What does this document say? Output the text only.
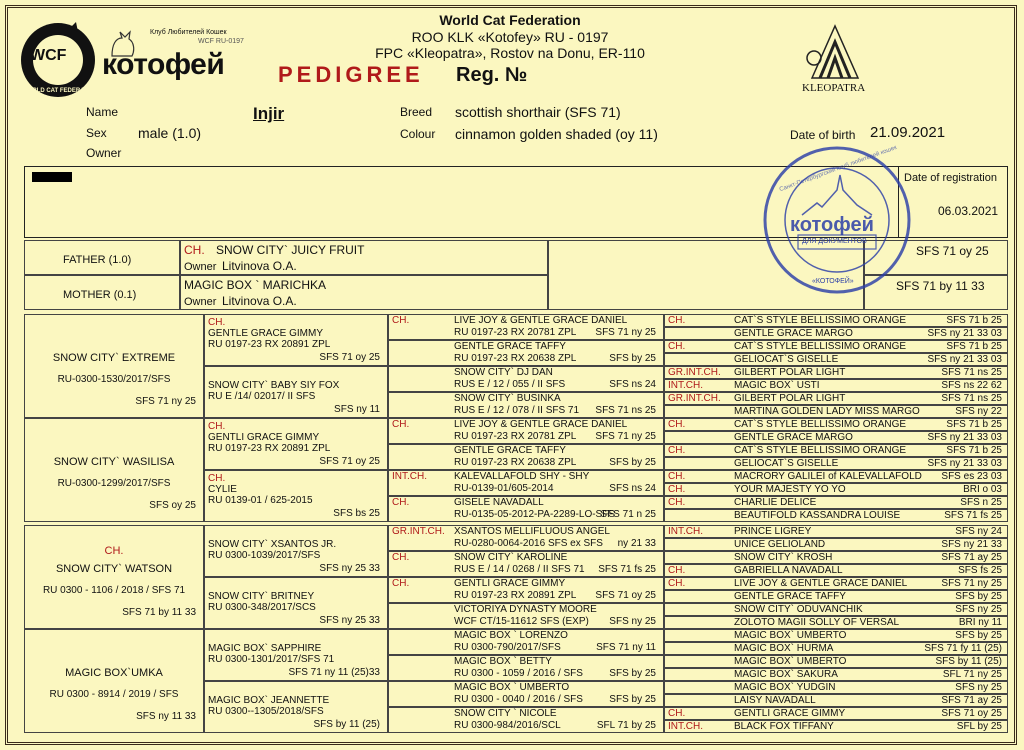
WCF
WORLD CAT FEDERATION
Клуб Любителей Кошек
WCF RU-0197
котофей
World Cat Federation
ROO KLK «Kotofey» RU - 0197
FPC «Kleopatra», Rostov na Donu, ER-110
PEDIGREE Reg. №
KLEOPATRA
Name	Injir
Sex male (1.0)
Owner
Breed scottish shorthair (SFS 71)
Colour cinnamon golden shaded (oy 11)	Date of birth 21.09.2021
Date of registration
06.03.2021
FATHER (1.0)
MOTHER (0.1)
CH. SNOW CITY` JUICY FRUIT
Owner Litvinova O.A.
MAGIC BOX ` MARICHKA
Owner Litvinova O.A.
SFS 71 oy 25
SFS 71 by 11 33
SNOW CITY` EXTREME
RU-0300-1530/2017/SFS
SFS 71 ny 25
SNOW CITY` WASILISA
RU-0300-1299/2017/SFS
SFS oy 25
CH.
SNOW CITY` WATSON
RU 0300 - 1106 / 2018 / SFS 71
SFS 71 by 11 33
MAGIC BOX`UMKA
RU 0300 - 8914 / 2019 / SFS
SFS ny 11 33
CH.
GENTLE GRACE GIMMY
RU 0197-23 RX 20891 ZPL
SFS 71 oy 25
SNOW CITY` BABY SIY FOX
RU E /14/ 02017/ II SFS
SFS ny 11
CH.
GENTLI GRACE GIMMY
RU 0197-23 RX 20891 ZPL
SFS 71 oy 25
CH.
CYLIE
RU 0139-01 / 625-2015
SFS bs 25
SNOW CITY` XSANTOS JR.
RU 0300-1039/2017/SFS
SFS ny 25 33
SNOW CITY` BRITNEY
RU 0300-348/2017/SCS
SFS ny 25 33
MAGIC BOX` SAPPHIRE
RU 0300-1301/2017/SFS 71
SFS 71 ny 11 (25)33
MAGIC BOX` JEANNETTE
RU 0300--1305/2018/SFS
SFS by 11 (25)
CH.	LIVE JOY & GENTLE GRACE DANIEL
RU 0197-23 RX 20781 ZPL	SFS 71 ny 25
GENTLE GRACE TAFFY
RU 0197-23 RX 20638 ZPL	SFS by 25
SNOW CITY` DJ DAN
RUS E / 12 / 055 / II SFS	SFS ns 24
SNOW CITY` BUSINKA
RUS E / 12 / 078 / II SFS 71	SFS 71 ns 25
CH.	LIVE JOY & GENTLE GRACE DANIEL
RU 0197-23 RX 20781 ZPL	SFS 71 ny 25
GENTLE GRACE TAFFY
RU 0197-23 RX 20638 ZPL	SFS by 25
INT.CH.	KALEVALLAFOLD SHY - SHY
RU-0139-01/605-2014	SFS ns 24
CH.	GISELE NAVADALL
RU-0135-05-2012-PA-2289-LO-SFS
SFS 71 n 25
GR.INT.CH. XSANTOS MELLIFLUOUS ANGEL
RU-0280-0064-2016 SFS ex SFS	ny 21 33
CH.	SNOW CITY` KAROLINE
RUS E / 14 / 0268 / II SFS 71	SFS 71 fs 25
CH.	GENTLI GRACE GIMMY
RU 0197-23 RX 20891 ZPL	SFS 71 oy 25
VICTORIYA DYNASTY MOORE
WCF CT/15-11612 SFS (EXP)	SFS ny 25
MAGIC BOX ` LORENZO
RU 0300-790/2017/SFS	SFS 71 ny 11
MAGIC BOX ` BETTY
RU 0300 - 1059 / 2016 / SFS	SFS by 25
MAGIC BOX ` UMBERTO
RU 0300 - 0040 / 2016 / SFS	SFS by 25
SNOW CITY ` NICOLE
RU 0300-984/2016/SCL	SFL 71 by 25
CH.	CAT`S STYLE BELLISSIMO ORANGE	SFS 71 b 25
GENTLE GRACE MARGO	SFS ny 21 33 03
CH.	CAT`S STYLE BELLISSIMO ORANGE	SFS 71 b 25
GELIOCAT`S GISELLE	SFS ny 21 33 03
GR.INT.CH. GILBERT POLAR LIGHT	SFS 71 ns 25
INT.CH.	MAGIC BOX` USTI	SFS ns 22 62
GR.INT.CH. GILBERT POLAR LIGHT	SFS 71 ns 25
MARTINA GOLDEN LADY MISS MARGO	SFS ny 22
CH.	CAT`S STYLE BELLISSIMO ORANGE	SFS 71 b 25
GENTLE GRACE MARGO	SFS ny 21 33 03
CH.	CAT`S STYLE BELLISSIMO ORANGE	SFS 71 b 25
GELIOCAT`S GISELLE	SFS ny 21 33 03
CH.	MACRORY GALILEI of KALEVALLAFOLD	SFS es 23 03
CH.	YOUR MAJESTY YO YO	BRI o 03
CH.	CHARLIE DELICE	SFS n 25
BEAUTIFOLD KASSANDRA LOUISE	SFS 71 fs 25
INT.CH.	PRINCE LIGREY	SFS ny 24
UNICE GELIOLAND	SFS ny 21 33
SNOW CITY` KROSH	SFS 71 ay 25
CH.	GABRIELLA NAVADALL	SFS fs 25
CH.	LIVE JOY & GENTLE GRACE DANIEL	SFS 71 ny 25
GENTLE GRACE TAFFY	SFS by 25
SNOW CITY` ODUVANCHIK	SFS ny 25
ZOLOTO MAGII SOLLY OF VERSAL	BRI ny 11
MAGIC BOX` UMBERTO	SFS by 25
MAGIC BOX` HURMA	SFS 71 fy 11 (25)
MAGIC BOX` UMBERTO	SFS by 11 (25)
MAGIC BOX` SAKURA	SFL 71 ny 25
MAGIC BOX` YUDGIN	SFS ny 25
LAISY NAVADALL	SFS 71 ay 25
CH.	GENTLI GRACE GIMMY	SFS 71 oy 25
INT.CH.	BLACK FOX TIFFANY	SFL by 25
котофей
ДЛЯ ДОКУМЕНТОВ
Санкт-Петербургский клуб любителей кошек
«КОТОФЕЙ»
